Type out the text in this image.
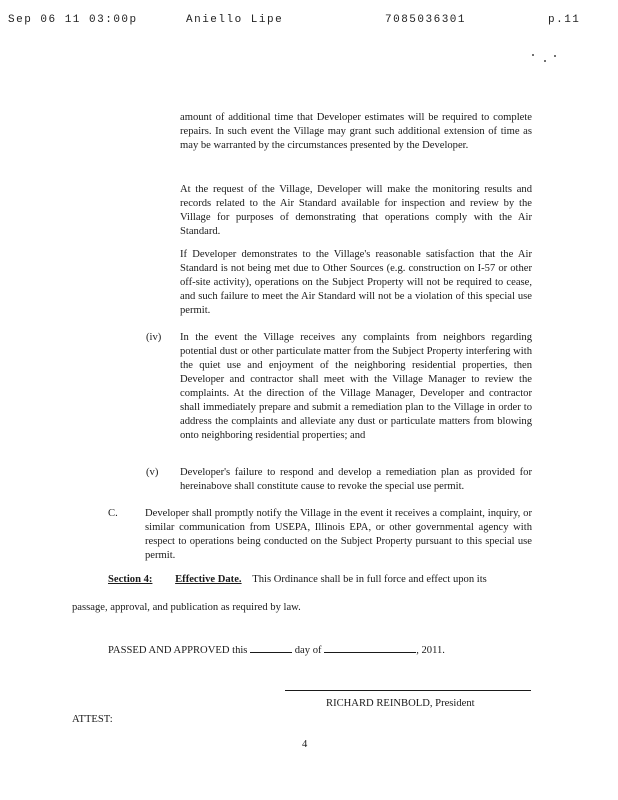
Sep 06 11 03:00p	Aniello Lipe	7085036301	p.11

amount of additional time that Developer estimates will be required to complete repairs. In such event the Village may grant such additional extension of time as may be warranted by the circumstances presented by the Developer.

At the request of the Village, Developer will make the monitoring results and records related to the Air Standard available for inspection and review by the Village for purposes of demonstrating that operations comply with the Air Standard.

If Developer demonstrates to the Village's reasonable satisfaction that the Air Standard is not being met due to Other Sources (e.g. construction on I-57 or other off-site activity), operations on the Subject Property will not be required to cease, and such failure to meet the Air Standard will not be a violation of this special use permit.

(iv) In the event the Village receives any complaints from neighbors regarding potential dust or other particulate matter from the Subject Property interfering with the quiet use and enjoyment of the neighboring residential properties, then Developer and contractor shall meet with the Village Manager to review the complaints. At the direction of the Village Manager, Developer and contractor shall immediately prepare and submit a remediation plan to the Village in order to address the complaints and alleviate any dust or particulate matters from blowing onto neighboring residential properties; and

(v) Developer's failure to respond and develop a remediation plan as provided for hereinabove shall constitute cause to revoke the special use permit.

C.	Developer shall promptly notify the Village in the event it receives a complaint, inquiry, or similar communication from USEPA, Illinois EPA, or other governmental agency with respect to operations being conducted on the Subject Property pursuant to this special use permit.

Section 4: Effective Date. This Ordinance shall be in full force and effect upon its
passage, approval, and publication as required by law.
PASSED AND APPROVED this	day of	, 2011.
RICHARD REINBOLD, President
ATTEST:
4
